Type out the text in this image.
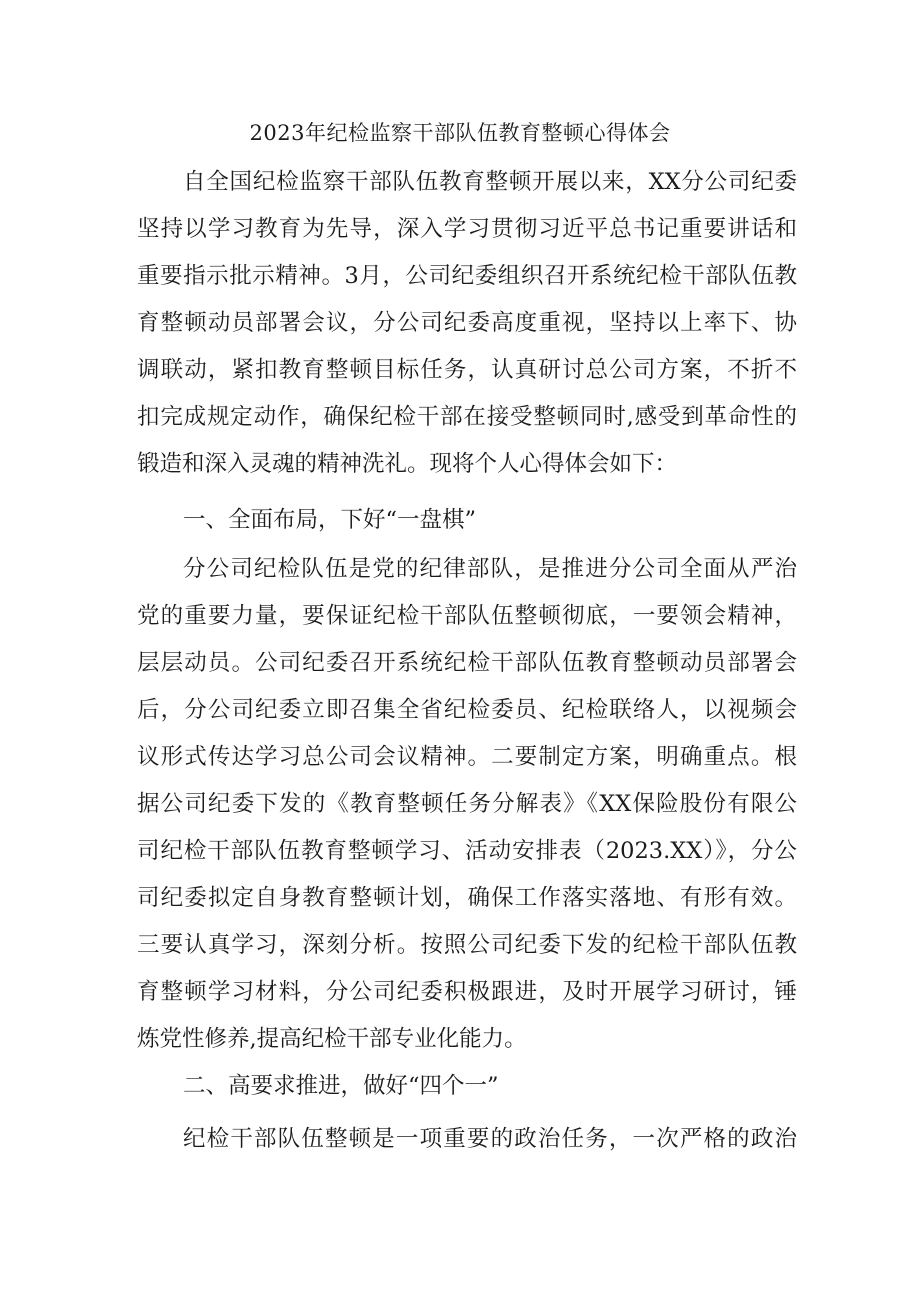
2023年纪检监察干部队伍教育整顿心得体会
自全国纪检监察干部队伍教育整顿开展以来，XX分公司纪委
坚持以学习教育为先导，深入学习贯彻习近平总书记重要讲话和
重要指示批示精神。3月，公司纪委组织召开系统纪检干部队伍教
育整顿动员部署会议，分公司纪委高度重视，坚持以上率下、协
调联动，紧扣教育整顿目标任务，认真研讨总公司方案，不折不
扣完成规定动作，确保纪检干部在接受整顿同时,感受到革命性的
锻造和深入灵魂的精神洗礼。现将个人心得体会如下：
一、全面布局，下好“一盘棋”
分公司纪检队伍是党的纪律部队，是推进分公司全面从严治
党的重要力量，要保证纪检干部队伍整顿彻底，一要领会精神，
层层动员。公司纪委召开系统纪检干部队伍教育整顿动员部署会
后，分公司纪委立即召集全省纪检委员、纪检联络人，以视频会
议形式传达学习总公司会议精神。二要制定方案，明确重点。根
据公司纪委下发的《教育整顿任务分解表》《XX保险股份有限公
司纪检干部队伍教育整顿学习、活动安排表（2023.XX）》，分公
司纪委拟定自身教育整顿计划，确保工作落实落地、有形有效。
三要认真学习，深刻分析。按照公司纪委下发的纪检干部队伍教
育整顿学习材料，分公司纪委积极跟进，及时开展学习研讨，锤
炼党性修养,提高纪检干部专业化能力。
二、高要求推进，做好“四个一”
纪检干部队伍整顿是一项重要的政治任务，一次严格的政治
